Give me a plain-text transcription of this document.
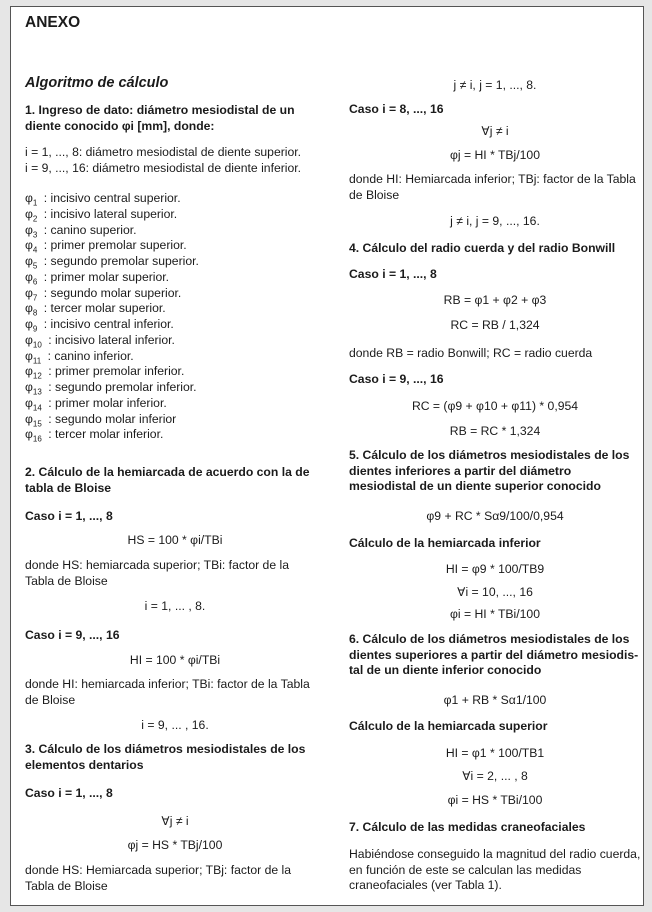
ANEXO
Algoritmo de cálculo
1. Ingreso de dato: diámetro mesiodistal de un diente conocido φi [mm], donde:
i = 1, ..., 8: diámetro mesiodistal de diente superior.
i = 9, ..., 16: diámetro mesiodistal de diente inferior.
$\varphi_1$ : incisivo central superior.
$\varphi_2$ : incisivo lateral superior.
$\varphi_3$ : canino superior.
$\varphi_4$ : primer premolar superior.
$\varphi_5$ : segundo premolar superior.
$\varphi_6$ : primer molar superior.
$\varphi_7$ : segundo molar superior.
$\varphi_8$ : tercer molar superior.
$\varphi_9$ : incisivo central inferior.
$\varphi_{10}$ : incisivo lateral inferior.
$\varphi_{11}$ : canino inferior.
$\varphi_{12}$ : primer premolar inferior.
$\varphi_{13}$ : segundo premolar inferior.
$\varphi_{14}$ : primer molar inferior.
$\varphi_{15}$ : segundo molar inferior
$\varphi_{16}$ : tercer molar inferior.
2. Cálculo de la hemiarcada de acuerdo con la de tabla de Bloise
Caso i = 1, ..., 8
HS = 100 * φi/TBi
donde HS: hemiarcada superior; TBi: factor de la Tabla de Bloise
i = 1, ... , 8.
Caso i = 9, ..., 16
HI = 100 * φi/TBi
donde HI: hemiarcada inferior; TBi: factor de la Tabla de Bloise
i = 9, ... , 16.
3. Cálculo de los diámetros mesiodistales de los elementos dentarios
Caso i = 1, ..., 8
∀j ≠ i
φj = HS * TBj/100
donde HS: Hemiarcada superior; TBj: factor de la Tabla de Bloise
j ≠ i, j = 1, ..., 8.
Caso i = 8, ..., 16
∀j ≠ i
φj = HI * TBj/100
donde HI: Hemiarcada inferior; TBj: factor de la Tabla de Bloise
j ≠ i, j = 9, ..., 16.
4. Cálculo del radio cuerda y del radio Bonwill
Caso i = 1, ..., 8
RB = φ1 + φ2 + φ3
RC = RB / 1,324
donde RB = radio Bonwill; RC = radio cuerda
Caso i = 9, ..., 16
RC = (φ9 + φ10 + φ11) * 0,954
RB = RC * 1,324
5. Cálculo de los diámetros mesiodistales de los dientes inferiores a partir del diámetro mesiodistal de un diente superior conocido
φ9 + RC * Sα9/100/0,954
Cálculo de la hemiarcada inferior
HI = φ9 * 100/TB9
∀i = 10, ..., 16
φi = HI * TBi/100
6. Cálculo de los diámetros mesiodistales de los dientes superiores a partir del diámetro mesiodis-tal de un diente inferior conocido
φ1 + RB * Sα1/100
Cálculo de la hemiarcada superior
HI = φ1 * 100/TB1
∀i = 2, ... , 8
φi = HS * TBi/100
7. Cálculo de las medidas craneofaciales
Habiéndose conseguido la magnitud del radio cuerda, en función de este se calculan las medidas craneofaciales (ver Tabla 1).
